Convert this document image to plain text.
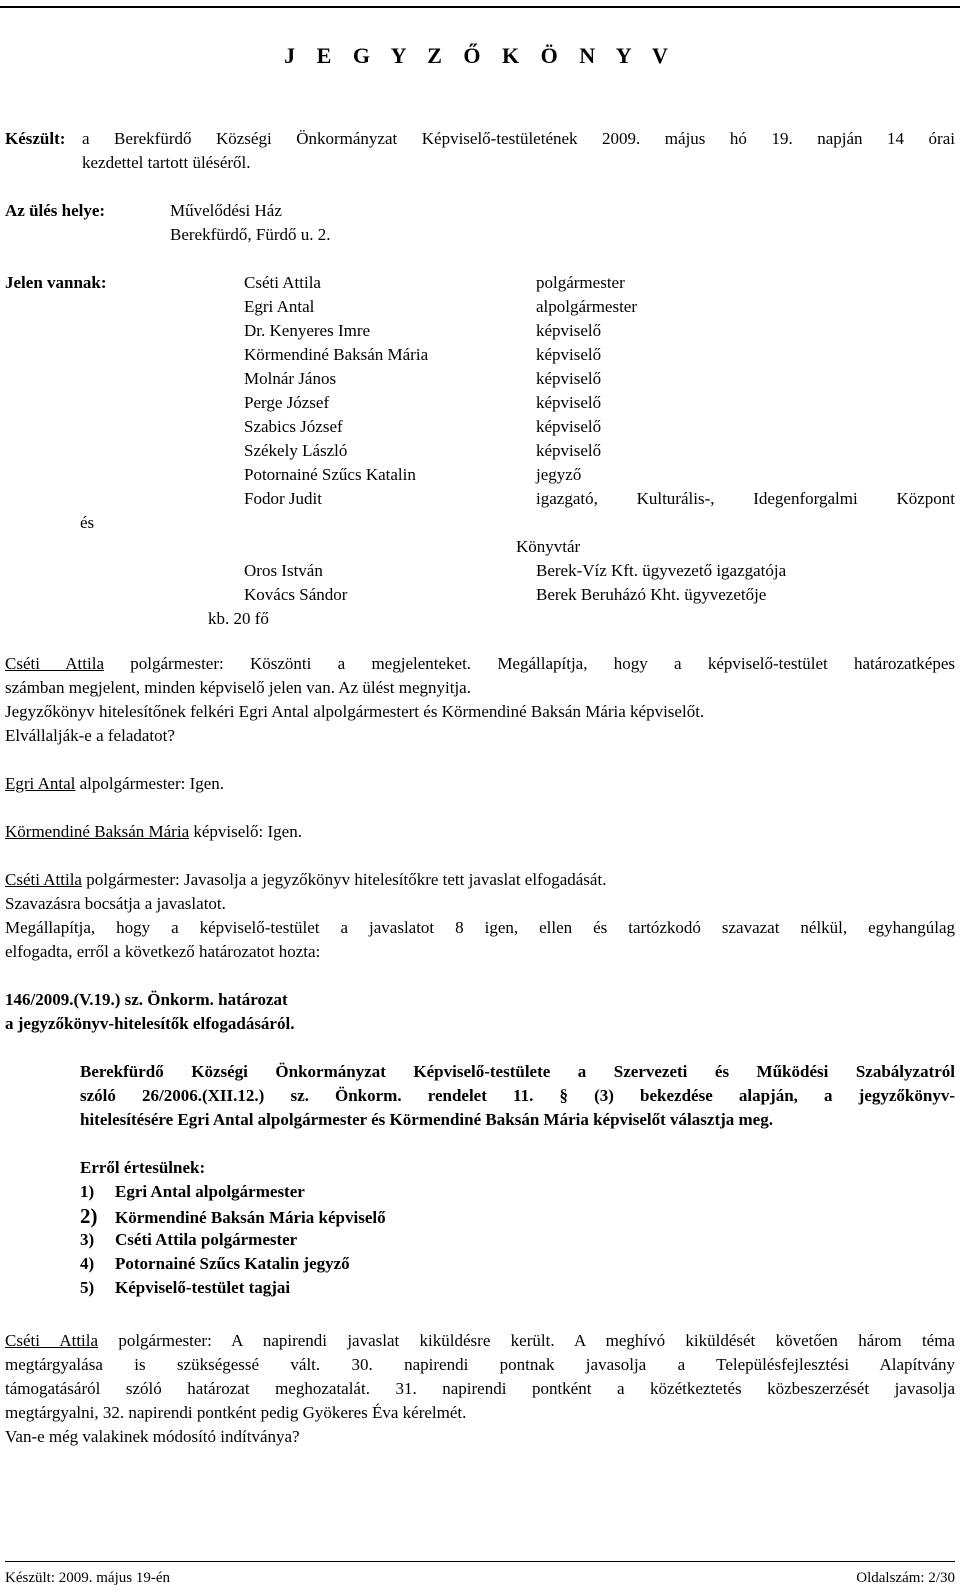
J E G Y Z Ő K Ö N Y V
Készült: a Berekfürdő Községi Önkormányzat Képviselő-testületének 2009. május hó 19. napján 14 órai
kezdettel tartott üléséről.
Az ülés helye:	Művelődési Ház
Berekfürdő, Fürdő u. 2.
Jelen vannak:	Cséti Attila	polgármester
Egri Antal	alpolgármester
Dr. Kenyeres Imre	képviselő
Körmendiné Baksán Mária	képviselő
Molnár János	képviselő
Perge József	képviselő
Szabics József	képviselő
Székely László	képviselő
Potornainé Szűcs Katalin	jegyző
Fodor Judit	igazgató, Kulturális-, Idegenforgalmi Központ
és
Könyvtár
Oros István	Berek-Víz Kft. ügyvezető igazgatója
Kovács Sándor	Berek Beruházó Kht. ügyvezetője
kb. 20 fő
Cséti Attila polgármester: Köszönti a megjelenteket. Megállapítja, hogy a képviselő-testület határozatképes
számban megjelent, minden képviselő jelen van. Az ülést megnyitja.
Jegyzőkönyv hitelesítőnek felkéri Egri Antal alpolgármestert és Körmendiné Baksán Mária képviselőt.
Elvállalják-e a feladatot?
Egri Antal alpolgármester: Igen.
Körmendiné Baksán Mária képviselő: Igen.
Cséti Attila polgármester: Javasolja a jegyzőkönyv hitelesítőkre tett javaslat elfogadását.
Szavazásra bocsátja a javaslatot.
Megállapítja, hogy a képviselő-testület a javaslatot 8 igen, ellen és tartózkodó szavazat nélkül, egyhangúlag
elfogadta, erről a következő határozatot hozta:
146/2009.(V.19.) sz. Önkorm. határozat
a jegyzőkönyv-hitelesítők elfogadásáról.
Berekfürdő Községi Önkormányzat Képviselő-testülete a Szervezeti és Működési Szabályzatról
szóló 26/2006.(XII.12.) sz. Önkorm. rendelet 11. § (3) bekezdése alapján, a jegyzőkönyv-
hitelesítésére Egri Antal alpolgármester és Körmendiné Baksán Mária képviselőt választja meg.
Erről értesülnek:
1) Egri Antal alpolgármester
2) Körmendiné Baksán Mária képviselő
3) Cséti Attila polgármester
4) Potornainé Szűcs Katalin jegyző
5) Képviselő-testület tagjai
Cséti Attila polgármester: A napirendi javaslat kiküldésre került. A meghívó kiküldését követően három téma
megtárgyalása is szükségessé vált. 30. napirendi pontnak javasolja a Településfejlesztési Alapítvány
támogatásáról szóló határozat meghozatalát. 31. napirendi pontként a közétkeztetés közbeszerzését javasolja
megtárgyalni, 32. napirendi pontként pedig Gyökeres Éva kérelmét.
Van-e még valakinek módosító indítványa?
Készült: 2009. május 19-én	Oldalszám: 2/30
